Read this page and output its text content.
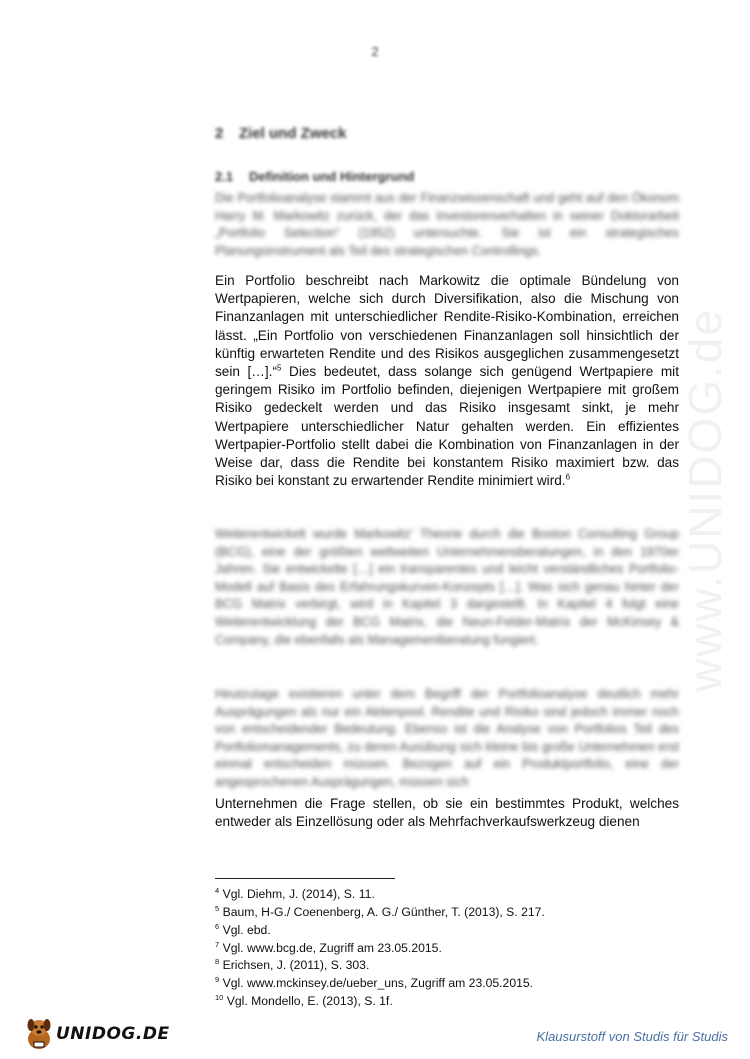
2
www.UNIDOG.de
2 Ziel und Zweck
2.1 Definition und Hintergrund
Die Portfolioanalyse stammt aus der Finanzwissenschaft und geht auf den Ökonom Harry M. Markowitz zurück, der das Investorenverhalten in seiner Doktorarbeit „Portfolio Selection“ (1952) untersuchte. Sie ist ein strategisches Planungsinstrument als Teil des strategischen Controllings.
Ein Portfolio beschreibt nach Markowitz die optimale Bündelung von Wertpapieren, welche sich durch Diversifikation, also die Mischung von Finanzanlagen mit unterschiedlicher Rendite-Risiko-Kombination, erreichen lässt. „Ein Portfolio von verschiedenen Finanzanlagen soll hinsichtlich der künftig erwarteten Rendite und des Risikos ausgeglichen zusammengesetzt sein […].“$^5$ Dies bedeutet, dass solange sich genügend Wertpapiere mit geringem Risiko im Portfolio befinden, diejenigen Wertpapiere mit großem Risiko gedeckelt werden und das Risiko insgesamt sinkt, je mehr Wertpapiere unterschiedlicher Natur gehalten werden. Ein effizientes Wertpapier-Portfolio stellt dabei die Kombination von Finanzanlagen in der Weise dar, dass die Rendite bei konstantem Risiko maximiert bzw. das Risiko bei konstant zu erwartender Rendite minimiert wird.$^6$
Weiterentwickelt wurde Markowitz' Theorie durch die Boston Consulting Group (BCG), eine der größten weltweiten Unternehmensberatungen, in den 1970er Jahren. Sie entwickelte […] ein transparentes und leicht verständliches Portfolio-Modell auf Basis des Erfahrungskurven-Konzepts […]. Was sich genau hinter der BCG Matrix verbirgt, wird in Kapitel 3 dargestellt. In Kapitel 4 folgt eine Weiterentwicklung der BCG Matrix, die Neun-Felder-Matrix der McKinsey & Company, die ebenfalls als Managementberatung fungiert.
Heutzutage existieren unter dem Begriff der Portfolioanalyse deutlich mehr Ausprägungen als nur ein Aktienpool. Rendite und Risiko sind jedoch immer noch von entscheidender Bedeutung. Ebenso ist die Analyse von Portfolios Teil des Portfoliomanagements, zu deren Ausübung sich kleine bis große Unternehmen erst einmal entscheiden müssen. Bezogen auf ein Produktportfolio, eine der angesprochenen Ausprägungen, müssen sich
Unternehmen die Frage stellen, ob sie ein bestimmtes Produkt, welches entweder als Einzellösung oder als Mehrfachverkaufswerkzeug dienen
$^4$ Vgl. Diehm, J. (2014), S. 11.
$^5$ Baum, H-G./ Coenenberg, A. G./ Günther, T. (2013), S. 217.
$^6$ Vgl. ebd.
$^7$ Vgl. www.bcg.de, Zugriff am 23.05.2015.
$^8$ Erichsen, J. (2011), S. 303.
$^9$ Vgl. www.mckinsey.de/ueber_uns, Zugriff am 23.05.2015.
$^{10}$ Vgl. Mondello, E. (2013), S. 1f.
UNIDOG.DE	Klausurstoff von Studis für Studis
